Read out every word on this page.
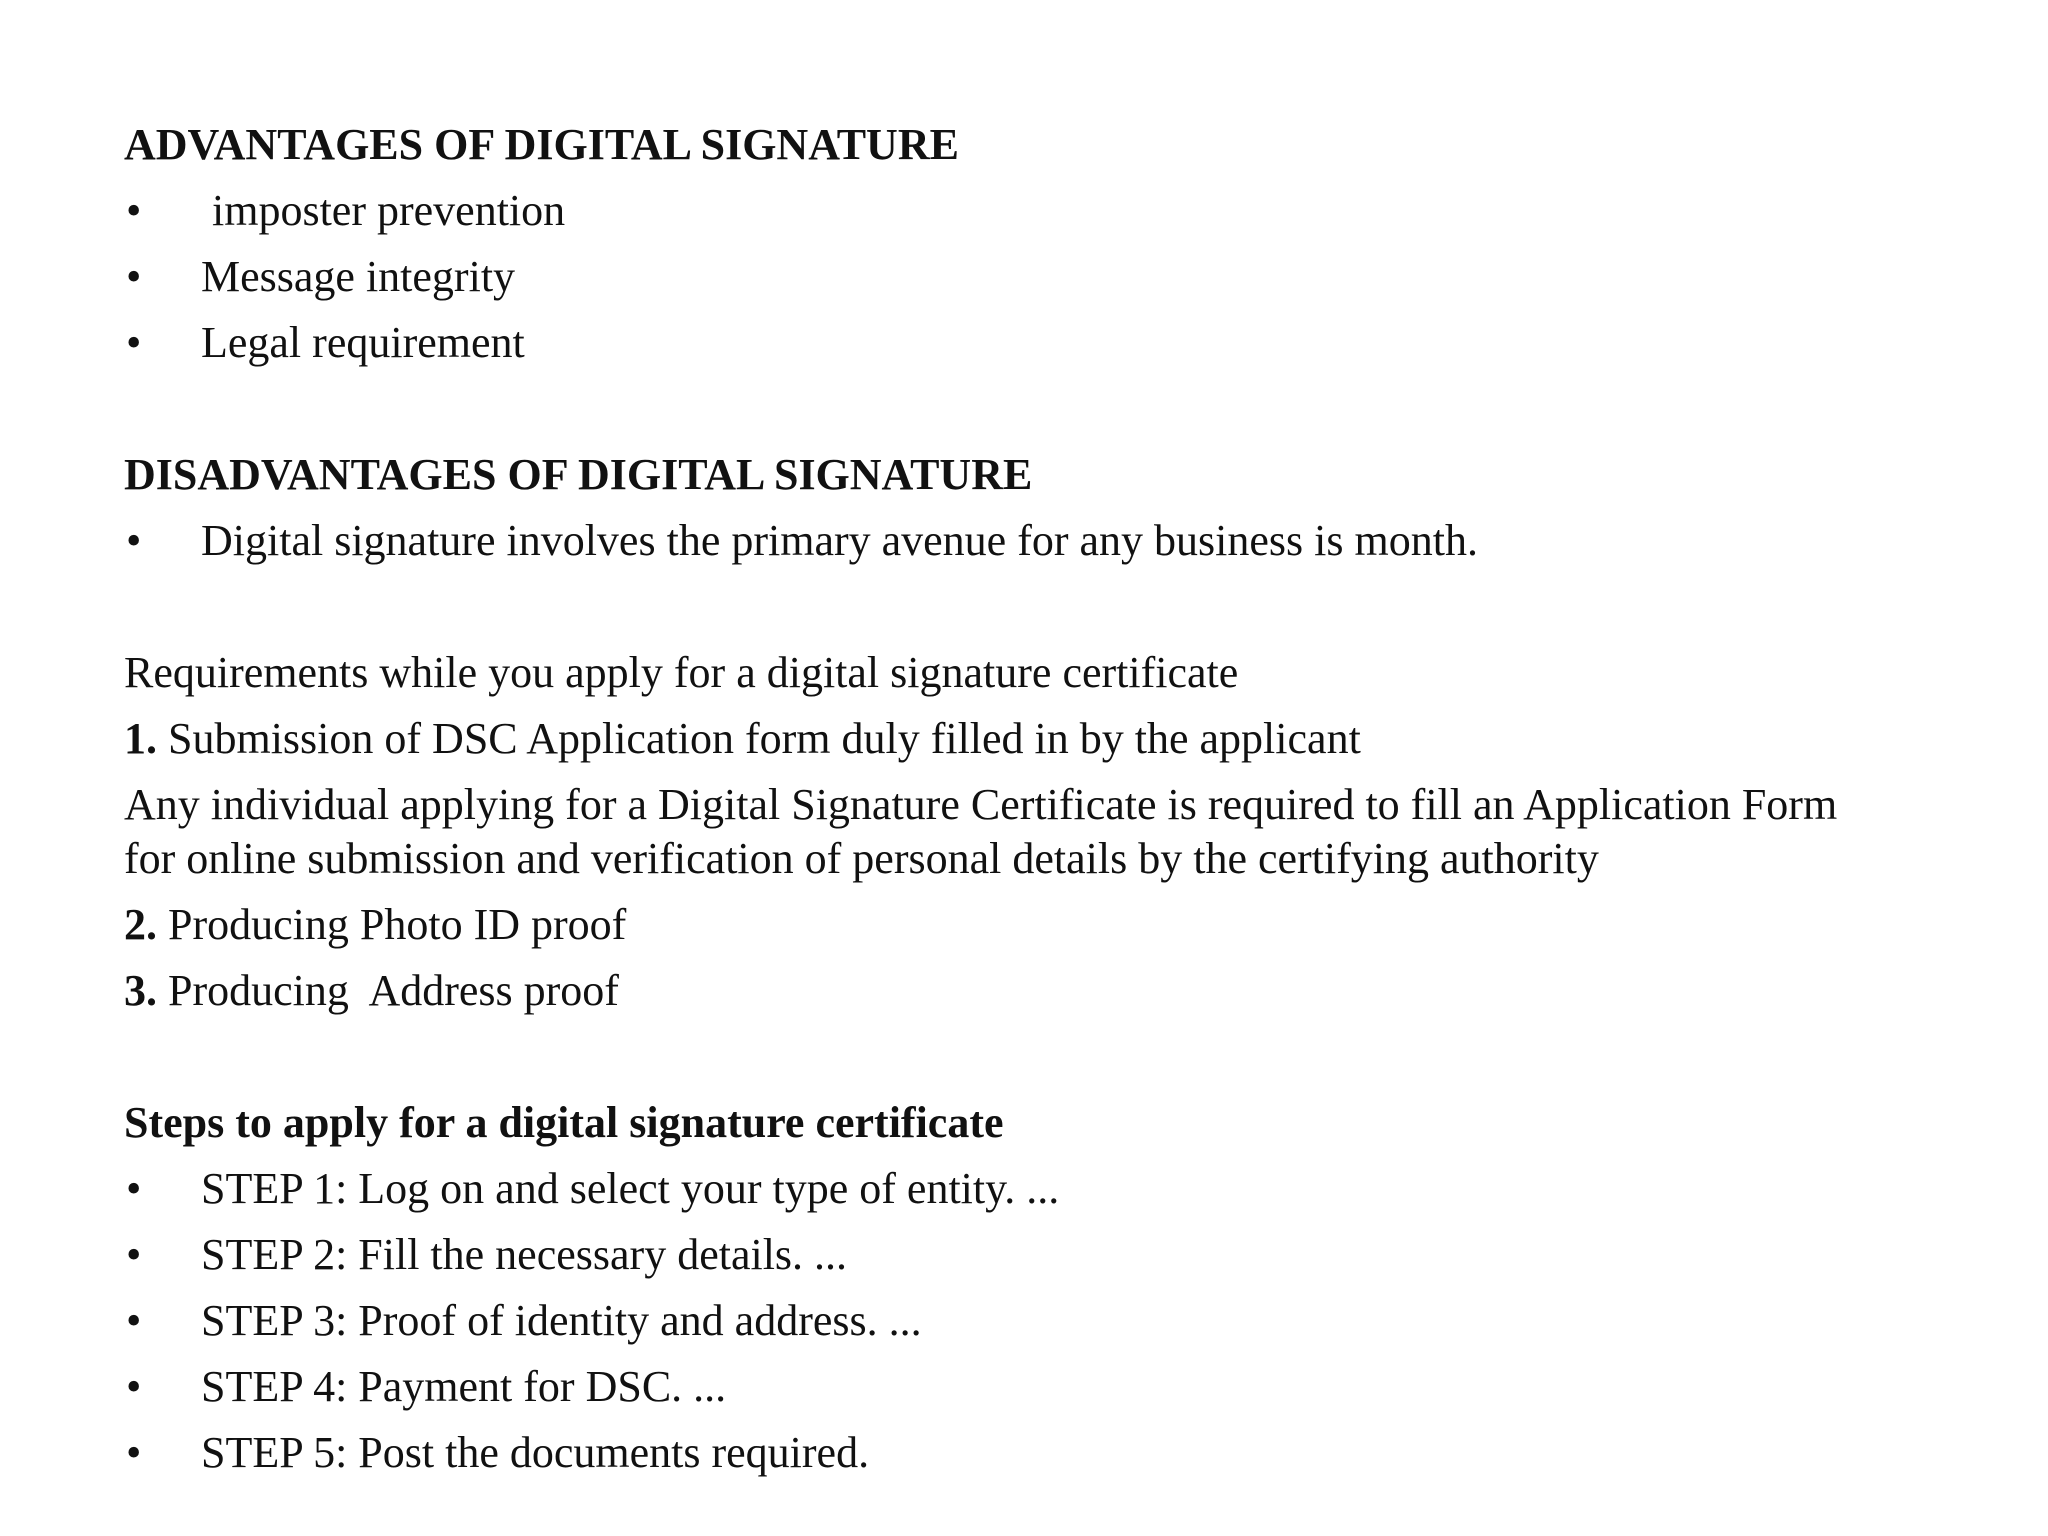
ADVANTAGES OF DIGITAL SIGNATURE
• imposter prevention
• Message integrity
• Legal requirement
DISADVANTAGES OF DIGITAL SIGNATURE
• Digital signature involves the primary avenue for any business is month.
Requirements while you apply for a digital signature certificate
1. Submission of DSC Application form duly filled in by the applicant
Any individual applying for a Digital Signature Certificate is required to fill an Application Form
for online submission and verification of personal details by the certifying authority
2. Producing Photo ID proof
3. Producing  Address proof
Steps to apply for a digital signature certificate
• STEP 1: Log on and select your type of entity. ...
• STEP 2: Fill the necessary details. ...
• STEP 3: Proof of identity and address. ...
• STEP 4: Payment for DSC. ...
• STEP 5: Post the documents required.
